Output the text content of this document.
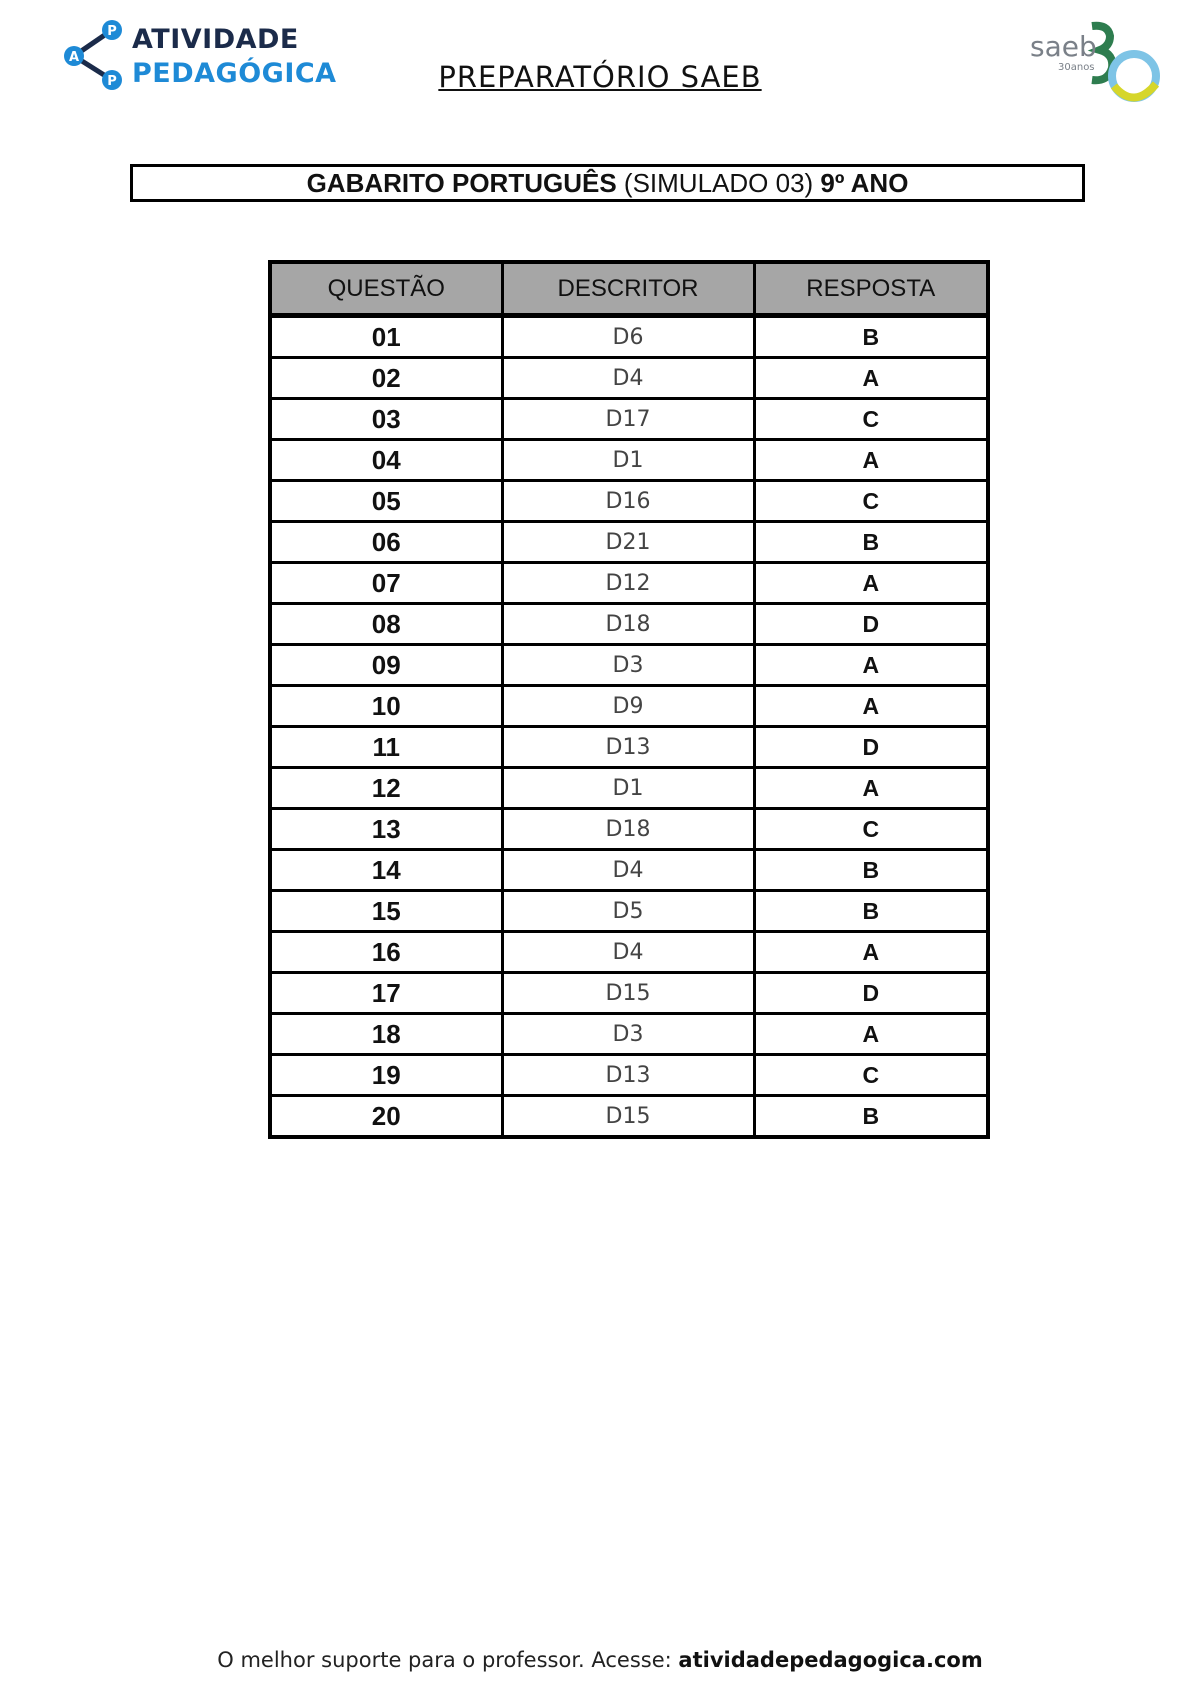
P
A
P
ATIVIDADE
PEDAGÓGICA	PREPARATÓRIO SAEB
saeb
30anos
GABARITO PORTUGUÊS (SIMULADO 03) 9º ANO
QUESTÃO	DESCRITOR	RESPOSTA
01	D6	B
02	D4	A
03	D17	C
04	D1	A
05	D16	C
06	D21	B
07	D12	A
08	D18	D
09	D3	A
10	D9	A
11	D13	D
12	D1	A
13	D18	C
14	D4	B
15	D5	B
16	D4	A
17	D15	D
18	D3	A
19	D13	C
20	D15	B
O melhor suporte para o professor. Acesse: atividadepedagogica.com
